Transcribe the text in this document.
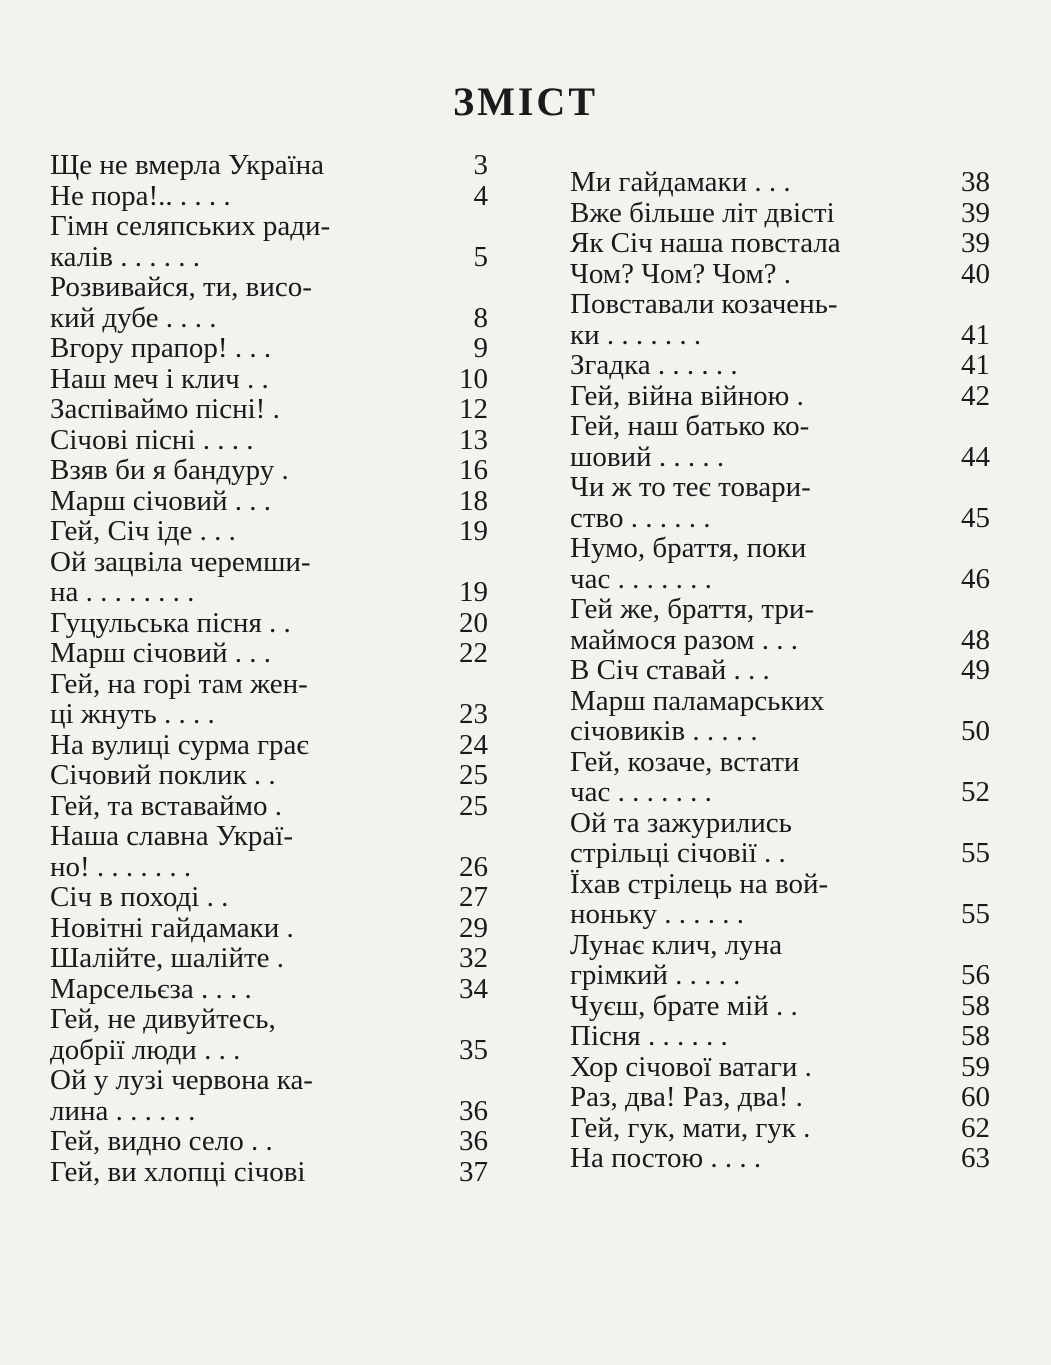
ЗМІСТ
Ще не вмерла Україна	3
Не пора!.. . . . .	4
Гімн селяпських ради-
калів . . . . . .	5
Розвивайся, ти, висо-
кий дубе . . . .	8
Вгору прапор! . . .	9
Наш меч і клич . .	10
Заспіваймо пісні! .	12
Січові пісні . . . .	13
Взяв би я бандуру .	16
Марш січовий . . .	18
Гей, Січ іде . . .	19
Ой зацвіла черемши-
на . . . . . . . .	19
Гуцульська пісня . .	20
Марш січовий . . .	22
Гей, на горі там жен-
ці жнуть . . . .	23
На вулиці сурма грає	24
Січовий поклик . .	25
Гей, та вставаймо .	25
Наша славна Украї-
но! . . . . . . .	26
Січ в поході . .	27
Новітні гайдамаки .	29
Шалійте, шалійте .	32
Марсельєза . . . .	34
Гей, не дивуйтесь,
добрії люди . . .	35
Ой у лузі червона ка-
лина . . . . . .	36
Гей, видно село . .	36
Гей, ви хлопці січові	37
Ми гайдамаки . . .	38
Вже більше літ двісті	39
Як Січ наша повстала	39
Чом? Чом? Чом? .	40
Повставали козачень-
ки . . . . . . .	41
Згадка . . . . . .	41
Гей, війна війною .	42
Гей, наш батько ко-
шовий . . . . .	44
Чи ж то теє товари-
ство . . . . . .	45
Нумо, браття, поки
час . . . . . . .	46
Гей же, браття, три-
маймося разом . . .	48
В Січ ставай . . .	49
Марш паламарських
січовиків . . . . .	50
Гей, козаче, встати
час . . . . . . .	52
Ой та зажурились
стрільці січовії . .	55
Їхав стрілець на вой-
ноньку . . . . . .	55
Лунає клич, луна
грімкий . . . . .	56
Чуєш, брате мій . .	58
Пісня . . . . . .	58
Хор січової ватаги .	59
Раз, два! Раз, два! .	60
Гей, гук, мати, гук .	62
На постою . . . .	63
